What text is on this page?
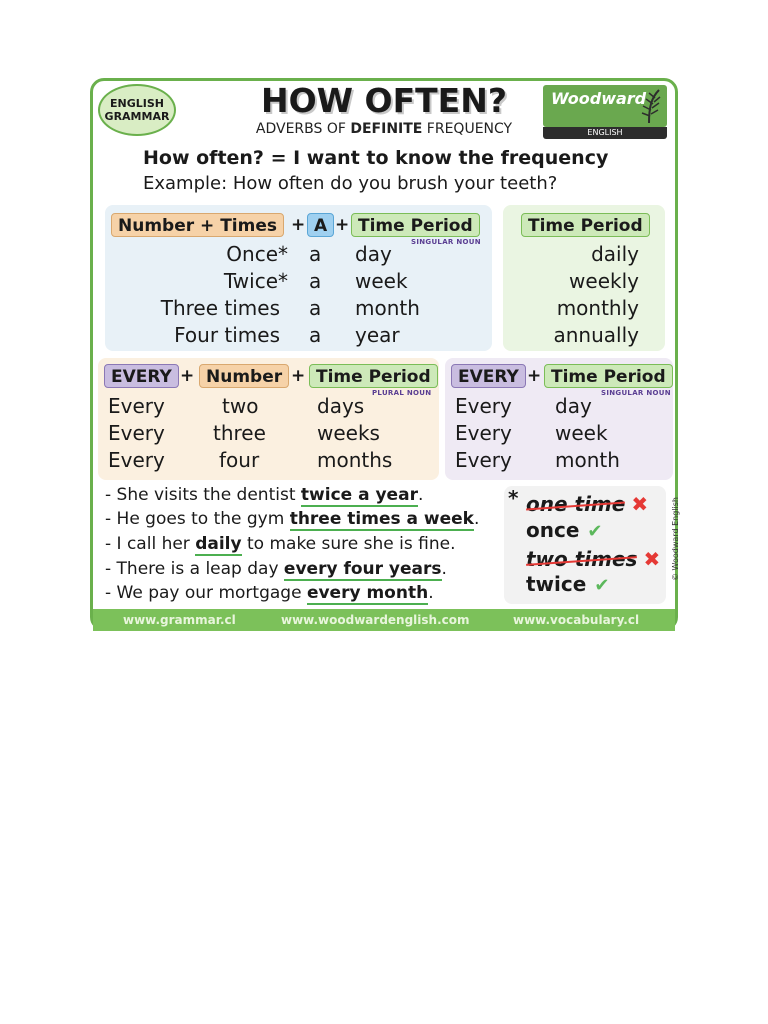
ENGLISH
GRAMMAR	HOW OFTEN?
ADVERBS OF DEFINITE FREQUENCY
Woodward
ENGLISH
How often? = I want to know the frequency
Example: How often do you brush your teeth?
Number + Times + A + Time Period
SINGULAR NOUN
Once* a day
Twice* a week
Three times a month
Four times a year
Time Period
daily
weekly
monthly
annually
EVERY + Number + Time Period
PLURAL NOUN
Every	two	days
Every three	weeks
Every	four	months
EVERY + Time Period
SINGULAR NOUN
Every day
Every week
Every month
- She visits the dentist twice a year.
- He goes to the gym three times a week.
- I call her daily to make sure she is fine.
- There is a leap day every four years.
- We pay our mortgage every month.
* one time ✖
once ✔
two times ✖
twice ✔
© Woodward English
www.grammar.cl	www.woodwardenglish.com	www.vocabulary.cl
